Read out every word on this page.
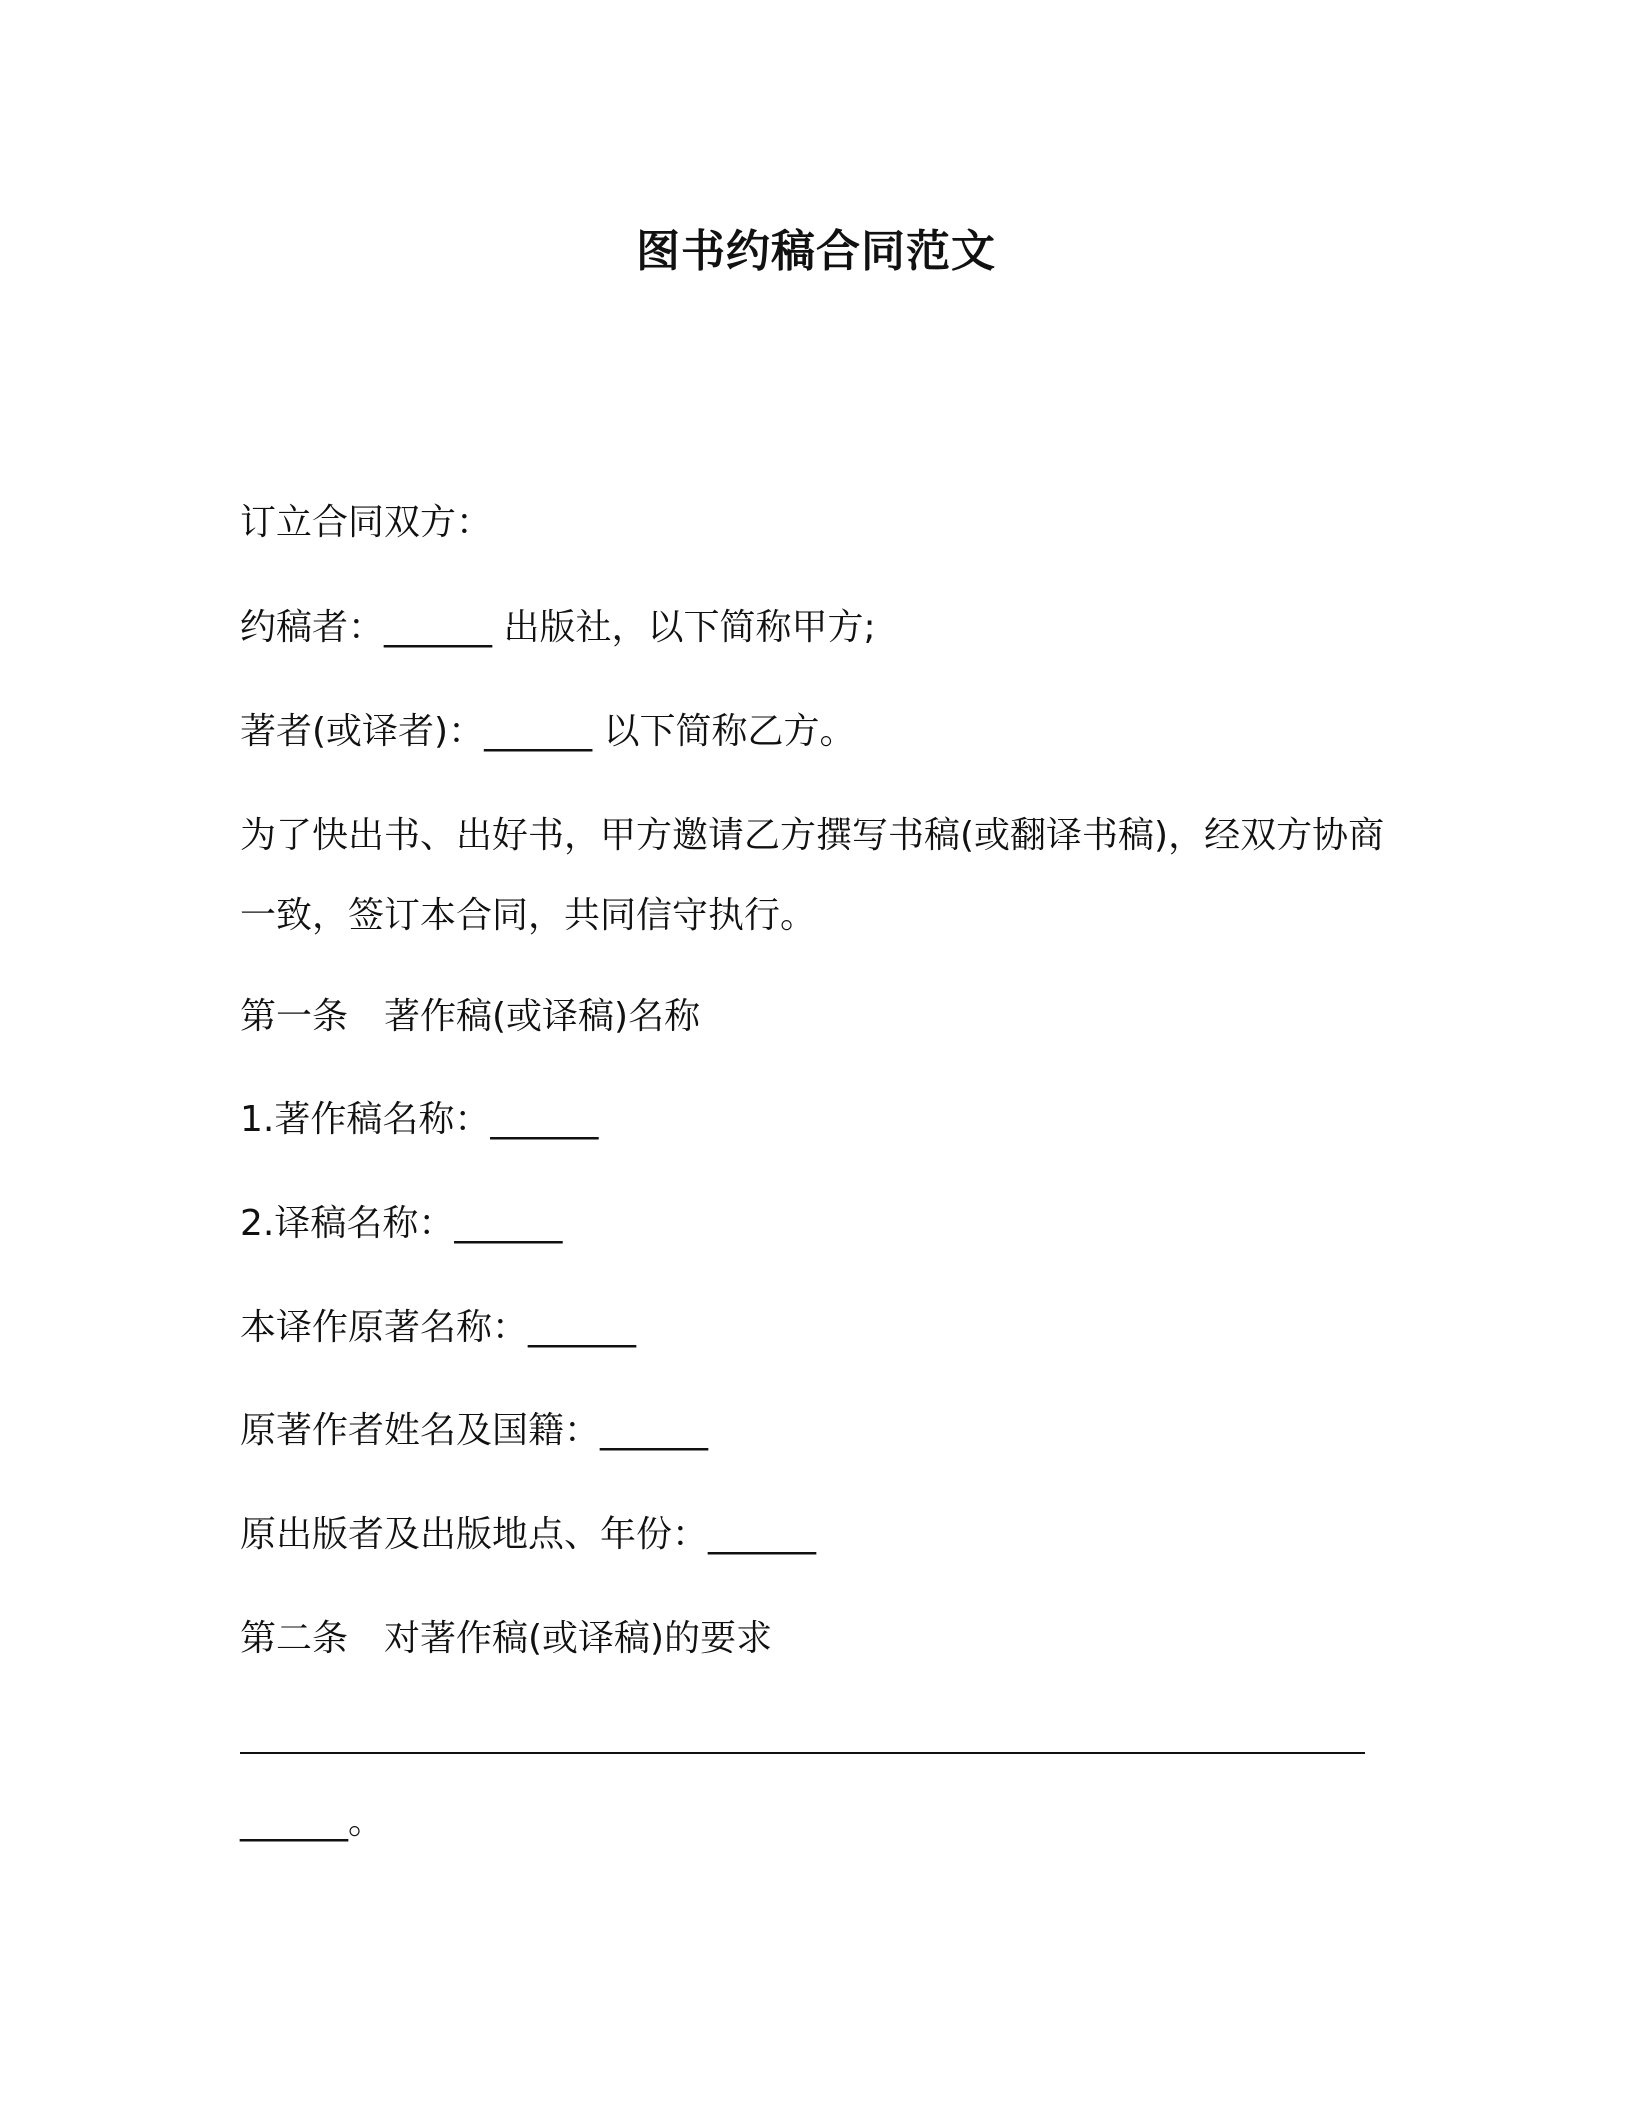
图书约稿合同范文
订立合同双方：
约稿者：______ 出版社，以下简称甲方;
著者(或译者)：______ 以下简称乙方。
为了快出书、出好书，甲方邀请乙方撰写书稿(或翻译书稿)，经双方协商一致，签订本合同，共同信守执行。
第一条　著作稿(或译稿)名称
1.著作稿名称：______
2.译稿名称：______
本译作原著名称：______
原著作者姓名及国籍：______
原出版者及出版地点、年份：______
第二条　对著作稿(或译稿)的要求
______。
